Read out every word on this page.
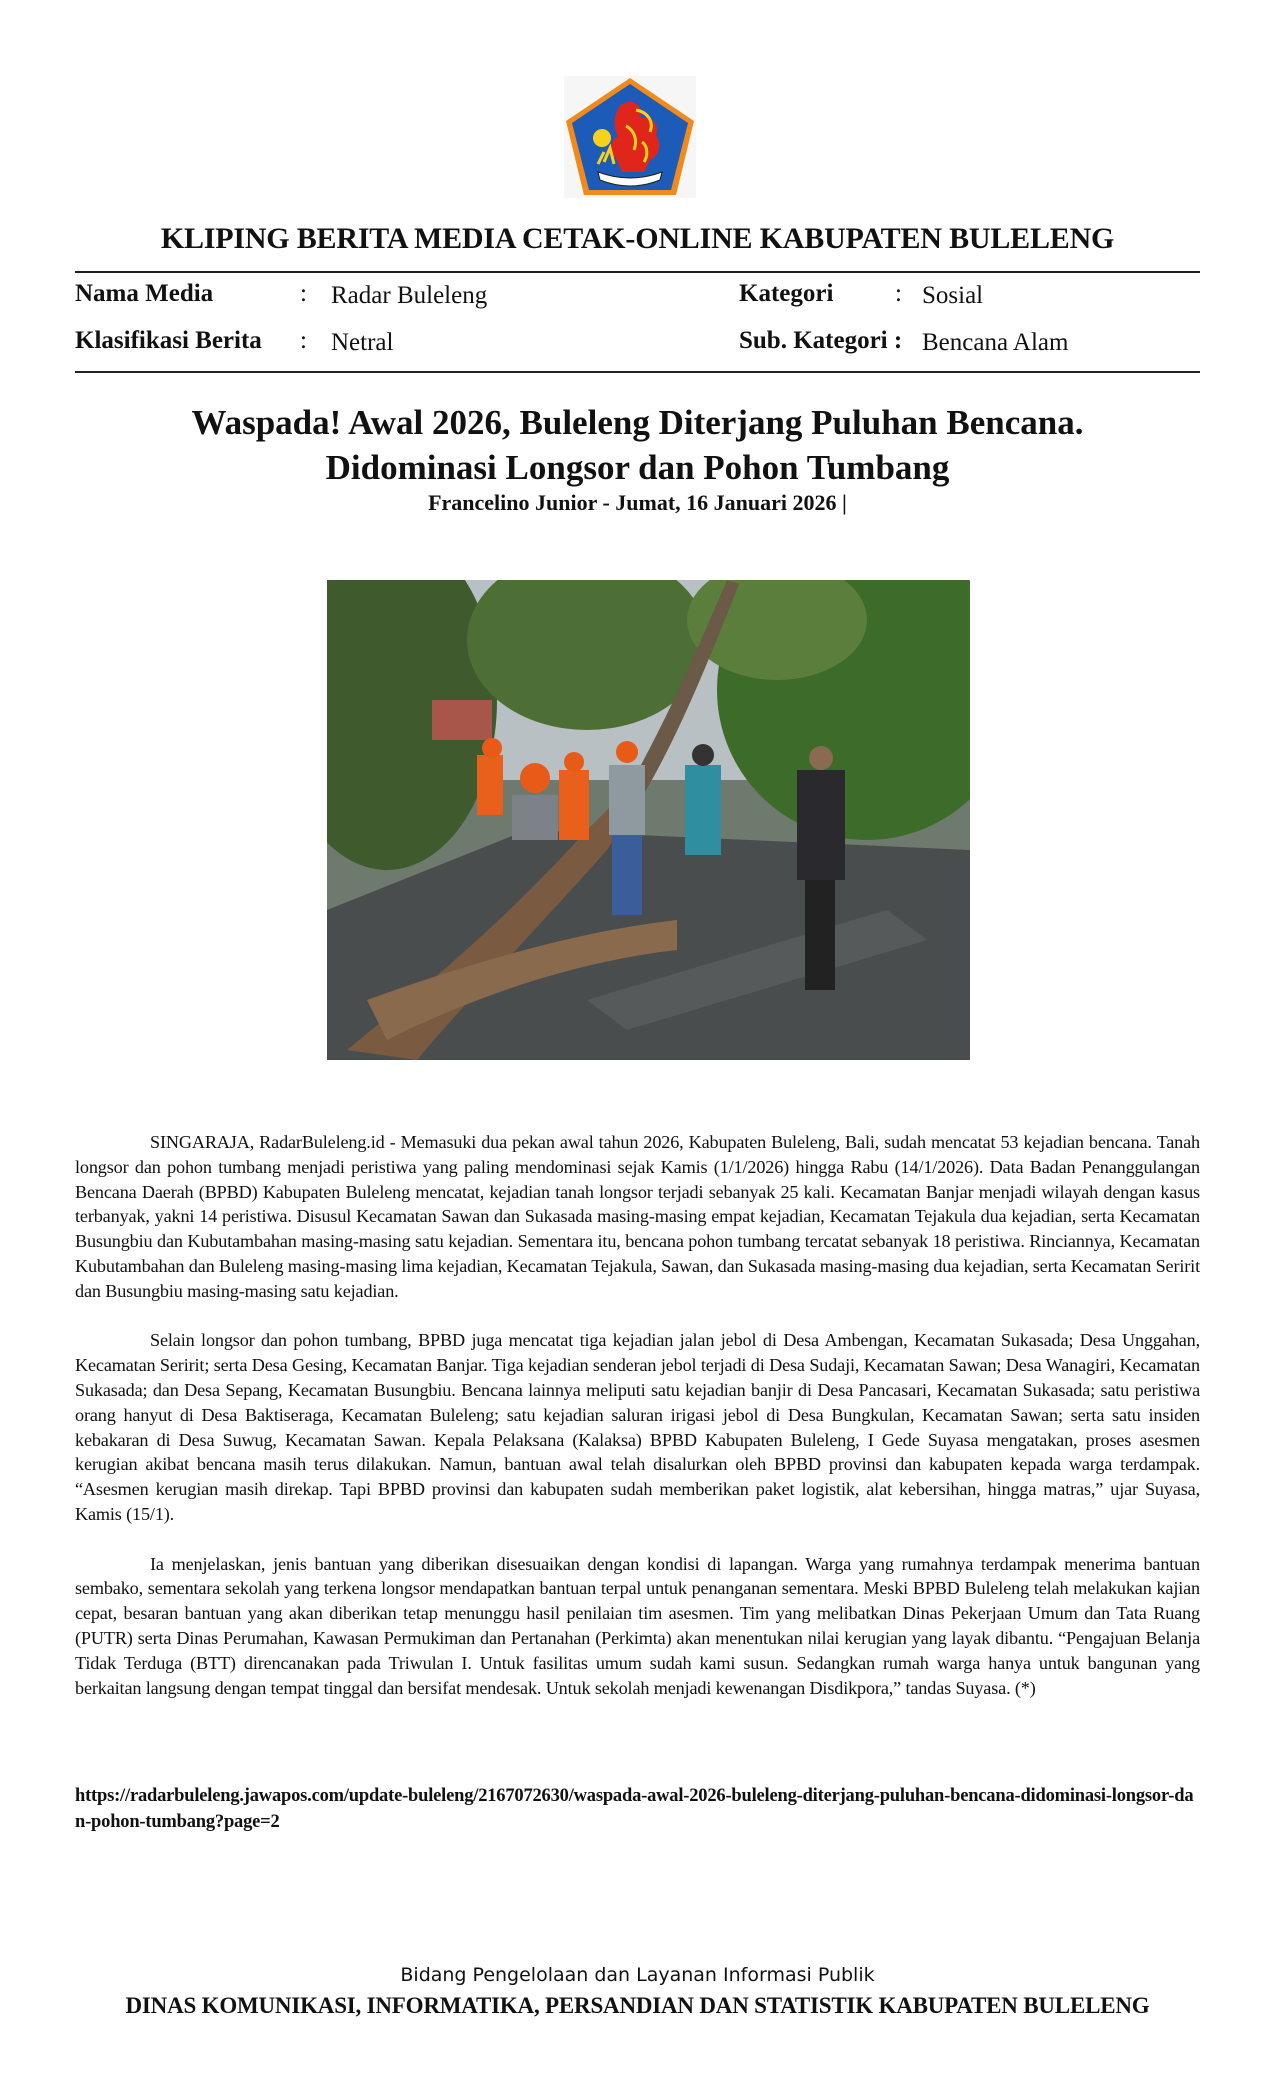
KLIPING BERITA MEDIA CETAK-ONLINE KABUPATEN BULELENG
Nama Media	: Radar Buleleng
Klasifikasi Berita : Netral
Kategori : Sosial
Sub. Kategori : Bencana Alam
Waspada! Awal 2026, Buleleng Diterjang Puluhan Bencana.
Didominasi Longsor dan Pohon Tumbang
Francelino Junior - Jumat, 16 Januari 2026 |

SINGARAJA, RadarBuleleng.id - Memasuki dua pekan awal tahun 2026, Kabupaten Buleleng, Bali, sudah mencatat 53 kejadian bencana. Tanah longsor dan pohon tumbang menjadi peristiwa yang paling mendominasi sejak Kamis (1/1/2026) hingga Rabu (14/1/2026). Data Badan Penanggulangan Bencana Daerah (BPBD) Kabupaten Buleleng mencatat, kejadian tanah longsor terjadi sebanyak 25 kali. Kecamatan Banjar menjadi wilayah dengan kasus terbanyak, yakni 14 peristiwa. Disusul Kecamatan Sawan dan Sukasada masing-masing empat kejadian, Kecamatan Tejakula dua kejadian, serta Kecamatan Busungbiu dan Kubutambahan masing-masing satu kejadian. Sementara itu, bencana pohon tumbang tercatat sebanyak 18 peristiwa. Rinciannya, Kecamatan Kubutambahan dan Buleleng masing-masing lima kejadian, Kecamatan Tejakula, Sawan, dan Sukasada masing-masing dua kejadian, serta Kecamatan Seririt dan Busungbiu masing-masing satu kejadian.

Selain longsor dan pohon tumbang, BPBD juga mencatat tiga kejadian jalan jebol di Desa Ambengan, Kecamatan Sukasada; Desa Unggahan, Kecamatan Seririt; serta Desa Gesing, Kecamatan Banjar. Tiga kejadian senderan jebol terjadi di Desa Sudaji, Kecamatan Sawan; Desa Wanagiri, Kecamatan Sukasada; dan Desa Sepang, Kecamatan Busungbiu. Bencana lainnya meliputi satu kejadian banjir di Desa Pancasari, Kecamatan Sukasada; satu peristiwa orang hanyut di Desa Baktiseraga, Kecamatan Buleleng; satu kejadian saluran irigasi jebol di Desa Bungkulan, Kecamatan Sawan; serta satu insiden kebakaran di Desa Suwug, Kecamatan Sawan. Kepala Pelaksana (Kalaksa) BPBD Kabupaten Buleleng, I Gede Suyasa mengatakan, proses asesmen kerugian akibat bencana masih terus dilakukan. Namun, bantuan awal telah disalurkan oleh BPBD provinsi dan kabupaten kepada warga terdampak. “Asesmen kerugian masih direkap. Tapi BPBD provinsi dan kabupaten sudah memberikan paket logistik, alat kebersihan, hingga matras,” ujar Suyasa, Kamis (15/1).

Ia menjelaskan, jenis bantuan yang diberikan disesuaikan dengan kondisi di lapangan. Warga yang rumahnya terdampak menerima bantuan sembako, sementara sekolah yang terkena longsor mendapatkan bantuan terpal untuk penanganan sementara. Meski BPBD Buleleng telah melakukan kajian cepat, besaran bantuan yang akan diberikan tetap menunggu hasil penilaian tim asesmen. Tim yang melibatkan Dinas Pekerjaan Umum dan Tata Ruang (PUTR) serta Dinas Perumahan, Kawasan Permukiman dan Pertanahan (Perkimta) akan menentukan nilai kerugian yang layak dibantu. “Pengajuan Belanja Tidak Terduga (BTT) direncanakan pada Triwulan I. Untuk fasilitas umum sudah kami susun. Sedangkan rumah warga hanya untuk bangunan yang berkaitan langsung dengan tempat tinggal dan bersifat mendesak. Untuk sekolah menjadi kewenangan Disdikpora,” tandas Suyasa. (*)

https://radarbuleleng.jawapos.com/update-buleleng/2167072630/waspada-awal-2026-buleleng-diterjang-puluhan-bencana-didominasi-longsor-dan-pohon-tumbang?page=2
Bidang Pengelolaan dan Layanan Informasi Publik
DINAS KOMUNIKASI, INFORMATIKA, PERSANDIAN DAN STATISTIK KABUPATEN BULELENG
